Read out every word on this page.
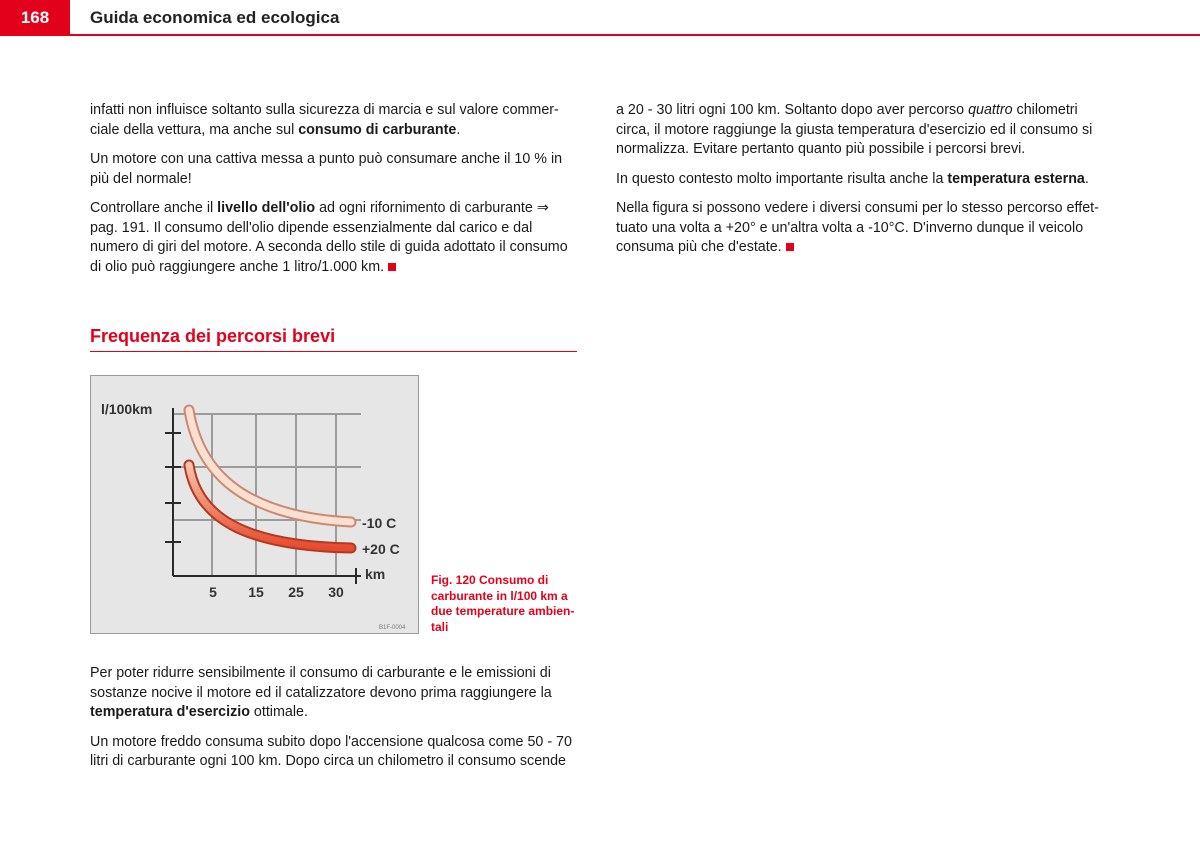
168	Guida economica ed ecologica

infatti non influisce soltanto sulla sicurezza di marcia e sul valore commer-ciale della vettura, ma anche sul consumo di carburante.

Un motore con una cattiva messa a punto può consumare anche il 10 % in più del normale!

Controllare anche il livello dell'olio ad ogni rifornimento di carburante ⇒ pag. 191. Il consumo dell'olio dipende essenzialmente dal carico e dal numero di giri del motore. A seconda dello stile di guida adottato il consumo di olio può raggiungere anche 1 litro/1.000 km.

Frequenza dei percorsi brevi
l/100km
-10 C
+20 C
km
5 15 25 30
B1F-0004
Fig. 120 Consumo di carburante in l/100 km a due temperature ambien-tali

Per poter ridurre sensibilmente il consumo di carburante e le emissioni di sostanze nocive il motore ed il catalizzatore devono prima raggiungere la temperatura d'esercizio ottimale.

Un motore freddo consuma subito dopo l'accensione qualcosa come 50 - 70 litri di carburante ogni 100 km. Dopo circa un chilometro il consumo scende

a 20 - 30 litri ogni 100 km. Soltanto dopo aver percorso quattro chilometri circa, il motore raggiunge la giusta temperatura d'esercizio ed il consumo si normalizza. Evitare pertanto quanto più possibile i percorsi brevi.

In questo contesto molto importante risulta anche la temperatura esterna.

Nella figura si possono vedere i diversi consumi per lo stesso percorso effet-tuato una volta a +20° e un'altra volta a -10°C. D'inverno dunque il veicolo consuma più che d'estate.
